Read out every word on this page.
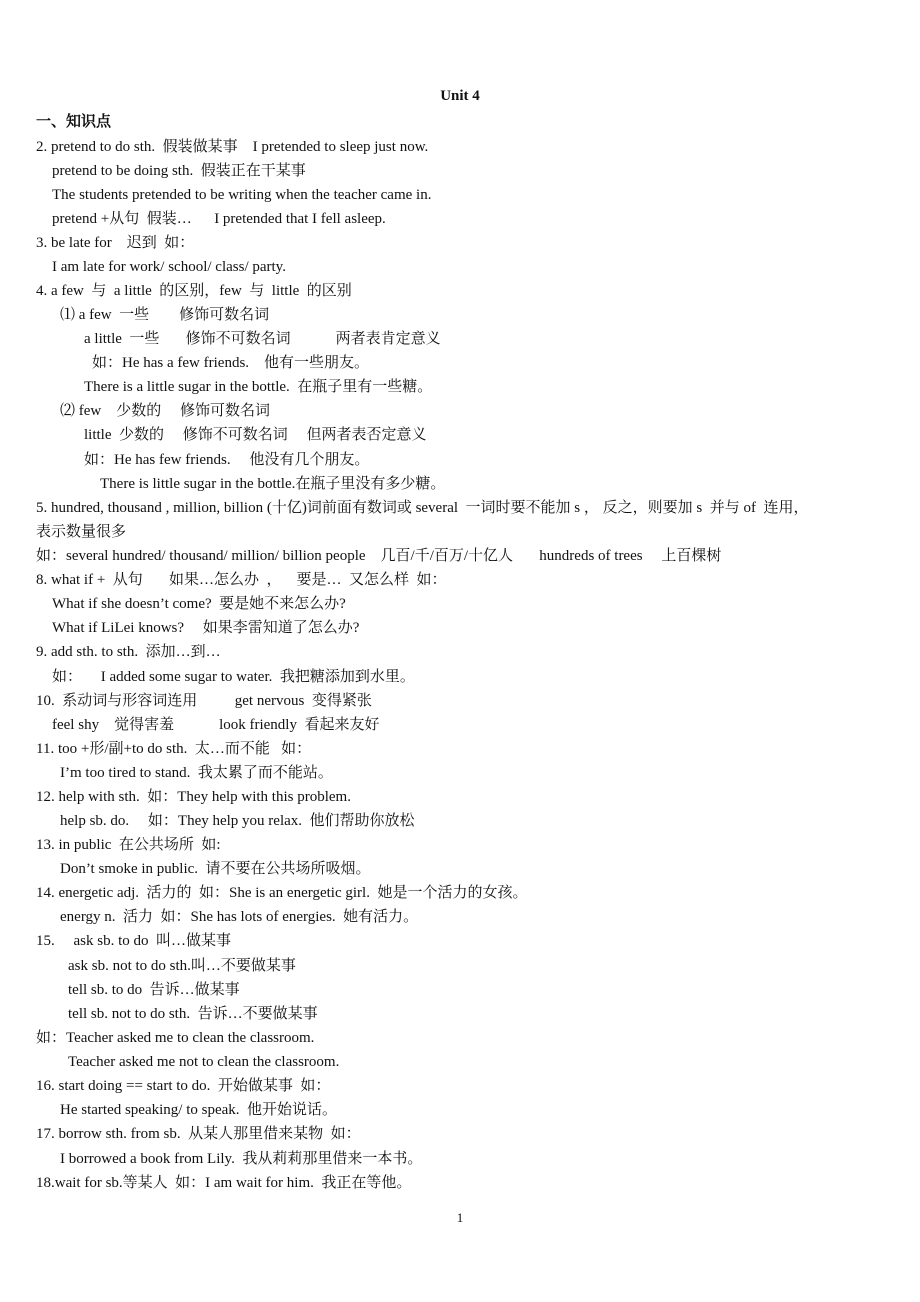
Unit 4
一、知识点
2. pretend to do sth.  假装做某事    I pretended to sleep just now.
pretend to be doing sth.  假装正在干某事
The students pretended to be writing when the teacher came in.
pretend +从句  假装…      I pretended that I fell asleep.
3. be late for    迟到  如：
I am late for work/ school/ class/ party.
4. a few  与  a little  的区别，few  与  little  的区别
⑴ a few  一些        修饰可数名词
a little  一些       修饰不可数名词            两者表肯定意义
如：He has a few friends.    他有一些朋友。
There is a little sugar in the bottle.  在瓶子里有一些糖。
⑵ few    少数的     修饰可数名词
little  少数的     修饰不可数名词     但两者表否定意义
如：He has few friends.     他没有几个朋友。
There is little sugar in the bottle.在瓶子里没有多少糖。
5. hundred, thousand , million, billion (十亿)词前面有数词或 several  一词时要不能加 s ， 反之，则要加 s  并与 of  连用，
表示数量很多
如：several hundred/ thousand/ million/ billion people    几百/千/百万/十亿人       hundreds of trees     上百棵树
8. what if +  从句       如果…怎么办  ，    要是…  又怎么样  如：
What if she doesn’t come?  要是她不来怎么办?
What if LiLei knows?     如果李雷知道了怎么办?
9. add sth. to sth.  添加…到…
如：     I added some sugar to water.  我把糖添加到水里。
10.  系动词与形容词连用          get nervous  变得紧张
feel shy    觉得害羞            look friendly  看起来友好
11. too +形/副+to do sth.  太…而不能   如：
I’m too tired to stand.  我太累了而不能站。
12. help with sth.  如：They help with this problem.
help sb. do.     如：They help you relax.  他们帮助你放松
13. in public  在公共场所  如:
Don’t smoke in public.  请不要在公共场所吸烟。
14. energetic adj.  活力的  如：She is an energetic girl.  她是一个活力的女孩。
energy n.  活力  如：She has lots of energies.  她有活力。
15.     ask sb. to do  叫…做某事
ask sb. not to do sth.叫…不要做某事
tell sb. to do  告诉…做某事
tell sb. not to do sth.  告诉…不要做某事
如：Teacher asked me to clean the classroom.
Teacher asked me not to clean the classroom.
16. start doing == start to do.  开始做某事  如：
He started speaking/ to speak.  他开始说话。
17. borrow sth. from sb.  从某人那里借来某物  如：
I borrowed a book from Lily.  我从莉莉那里借来一本书。
18.wait for sb.等某人  如：I am wait for him.  我正在等他。
1
